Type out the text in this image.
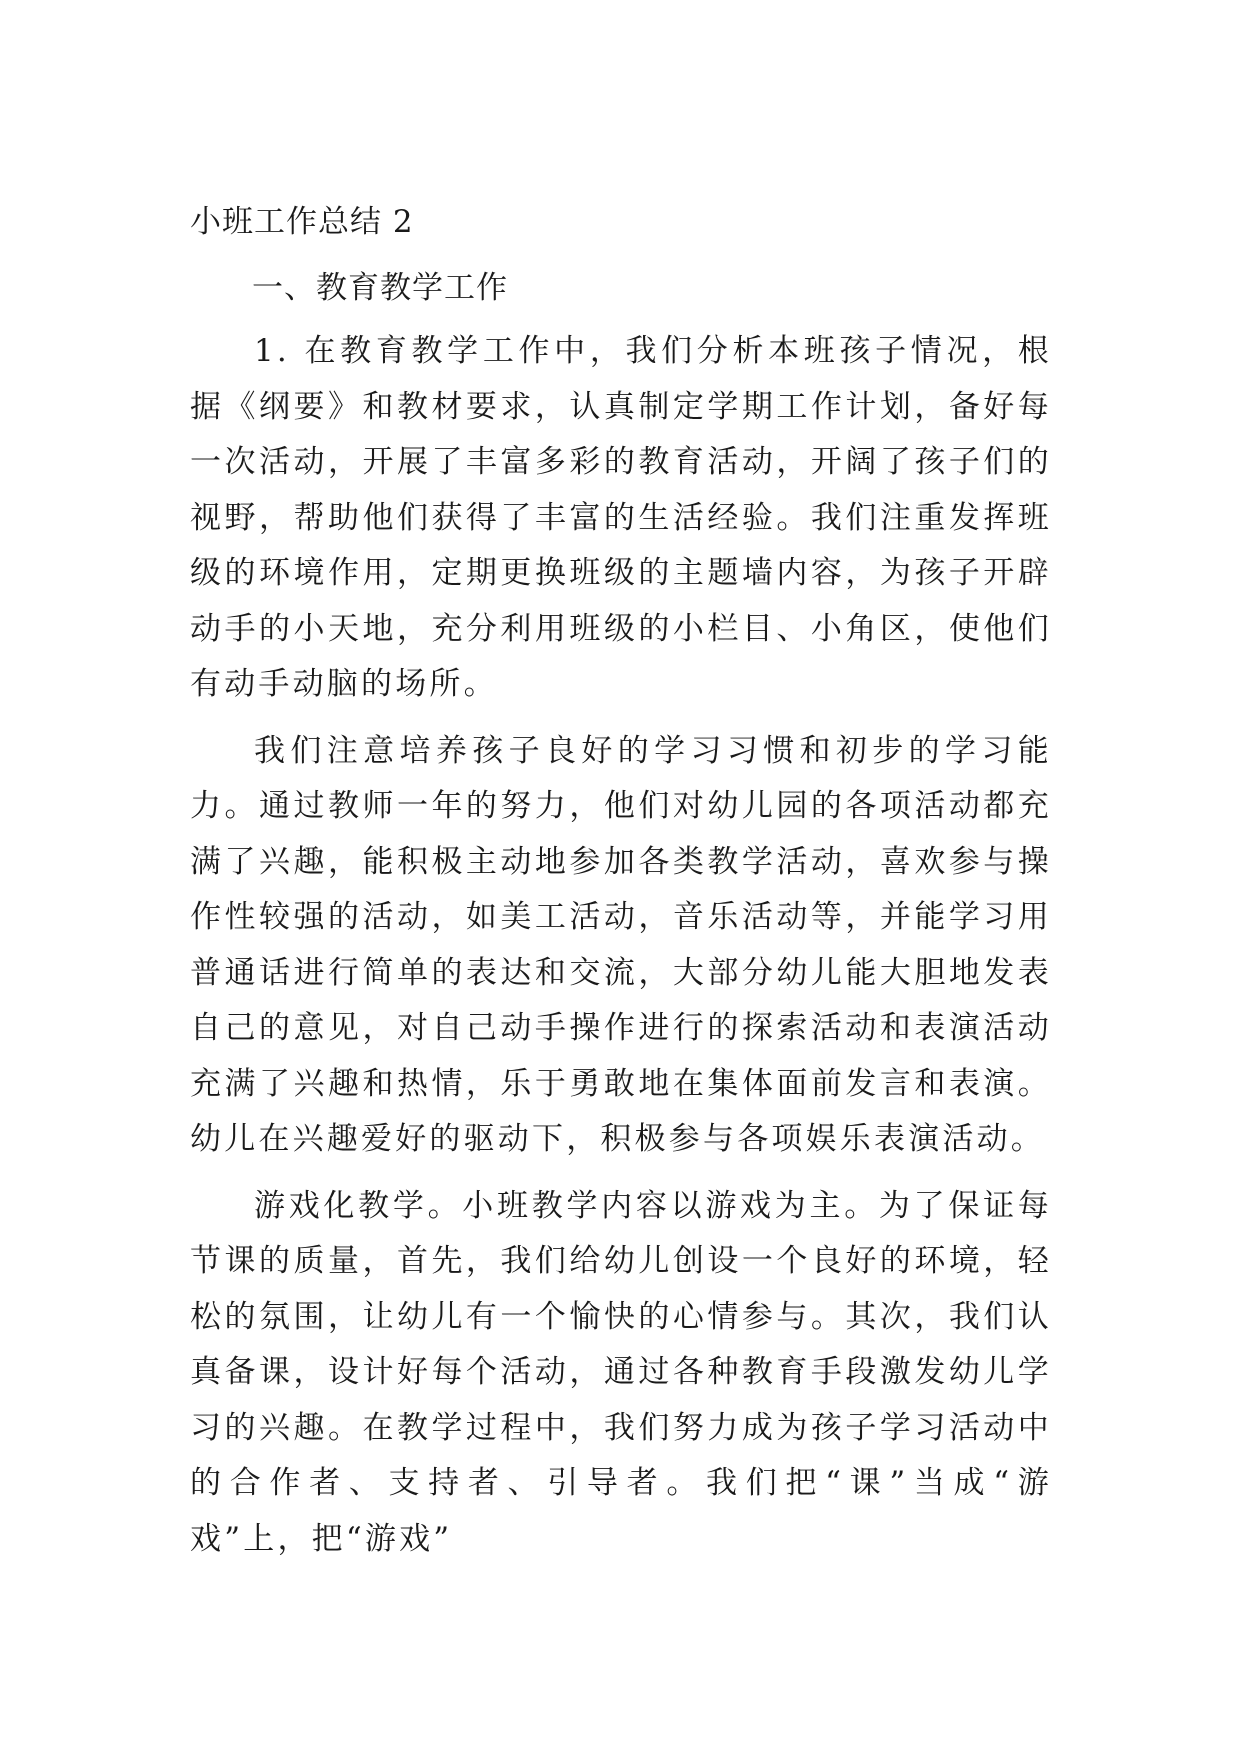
小班工作总结 2
一、教育教学工作

1. 在教育教学工作中，我们分析本班孩子情况，根据《纲要》和教材要求，认真制定学期工作计划，备好每一次活动，开展了丰富多彩的教育活动，开阔了孩子们的视野，帮助他们获得了丰富的生活经验。我们注重发挥班级的环境作用，定期更换班级的主题墙内容，为孩子开辟动手的小天地，充分利用班级的小栏目、小角区，使他们有动手动脑的场所。

我们注意培养孩子良好的学习习惯和初步的学习能力。通过教师一年的努力，他们对幼儿园的各项活动都充满了兴趣，能积极主动地参加各类教学活动，喜欢参与操作性较强的活动，如美工活动，音乐活动等，并能学习用普通话进行简单的表达和交流，大部分幼儿能大胆地发表自己的意见，对自己动手操作进行的探索活动和表演活动充满了兴趣和热情，乐于勇敢地在集体面前发言和表演。幼儿在兴趣爱好的驱动下，积极参与各项娱乐表演活动。

游戏化教学。小班教学内容以游戏为主。为了保证每节课的质量，首先，我们给幼儿创设一个良好的环境，轻松的氛围，让幼儿有一个愉快的心情参与。其次，我们认真备课，设计好每个活动，通过各种教育手段激发幼儿学习的兴趣。在教学过程中，我们努力成为孩子学习活动中的合作者、支持者、引导者。我们把“课”当成“游戏”上，把“游戏”
